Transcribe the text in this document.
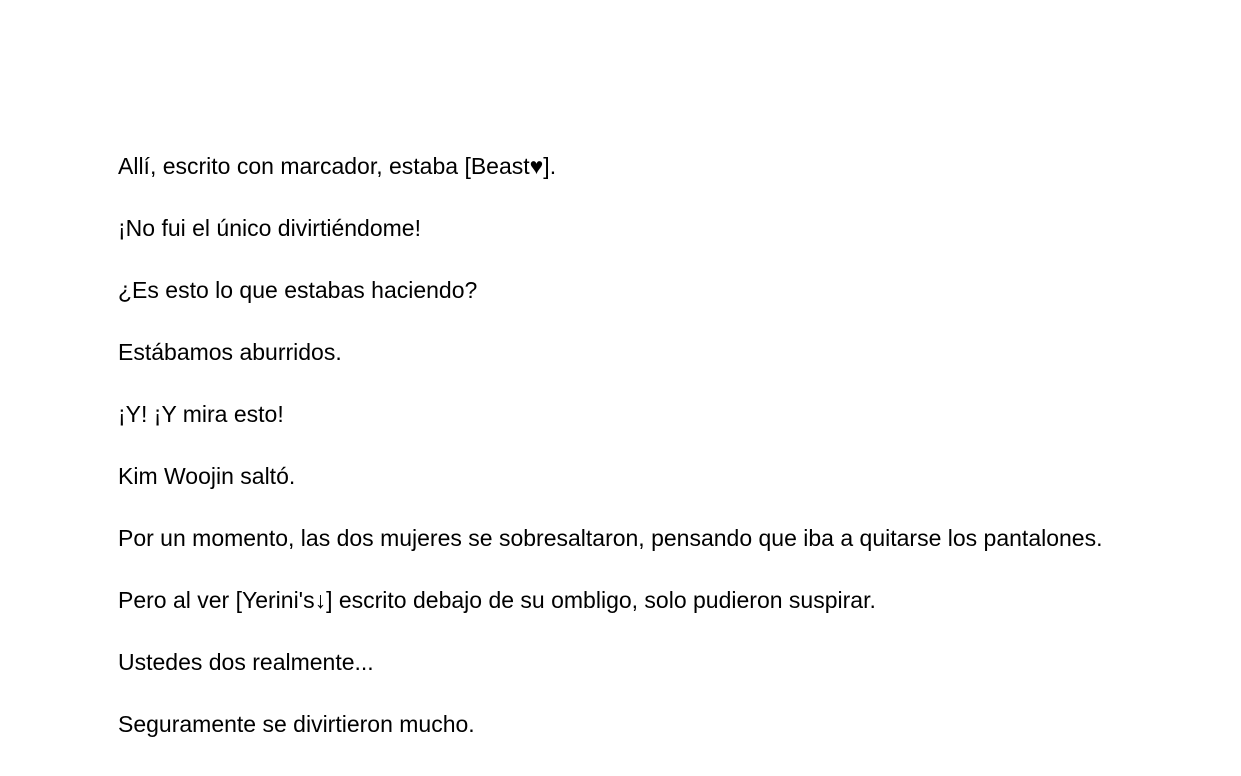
Allí, escrito con marcador, estaba [Beast♥].

¡No fui el único divirtiéndome!

¿Es esto lo que estabas haciendo?

Estábamos aburridos.

¡Y! ¡Y mira esto!

Kim Woojin saltó.

Por un momento, las dos mujeres se sobresaltaron, pensando que iba a quitarse los pantalones.

Pero al ver [Yerini's↓] escrito debajo de su ombligo, solo pudieron suspirar.

Ustedes dos realmente...

Seguramente se divirtieron mucho.
